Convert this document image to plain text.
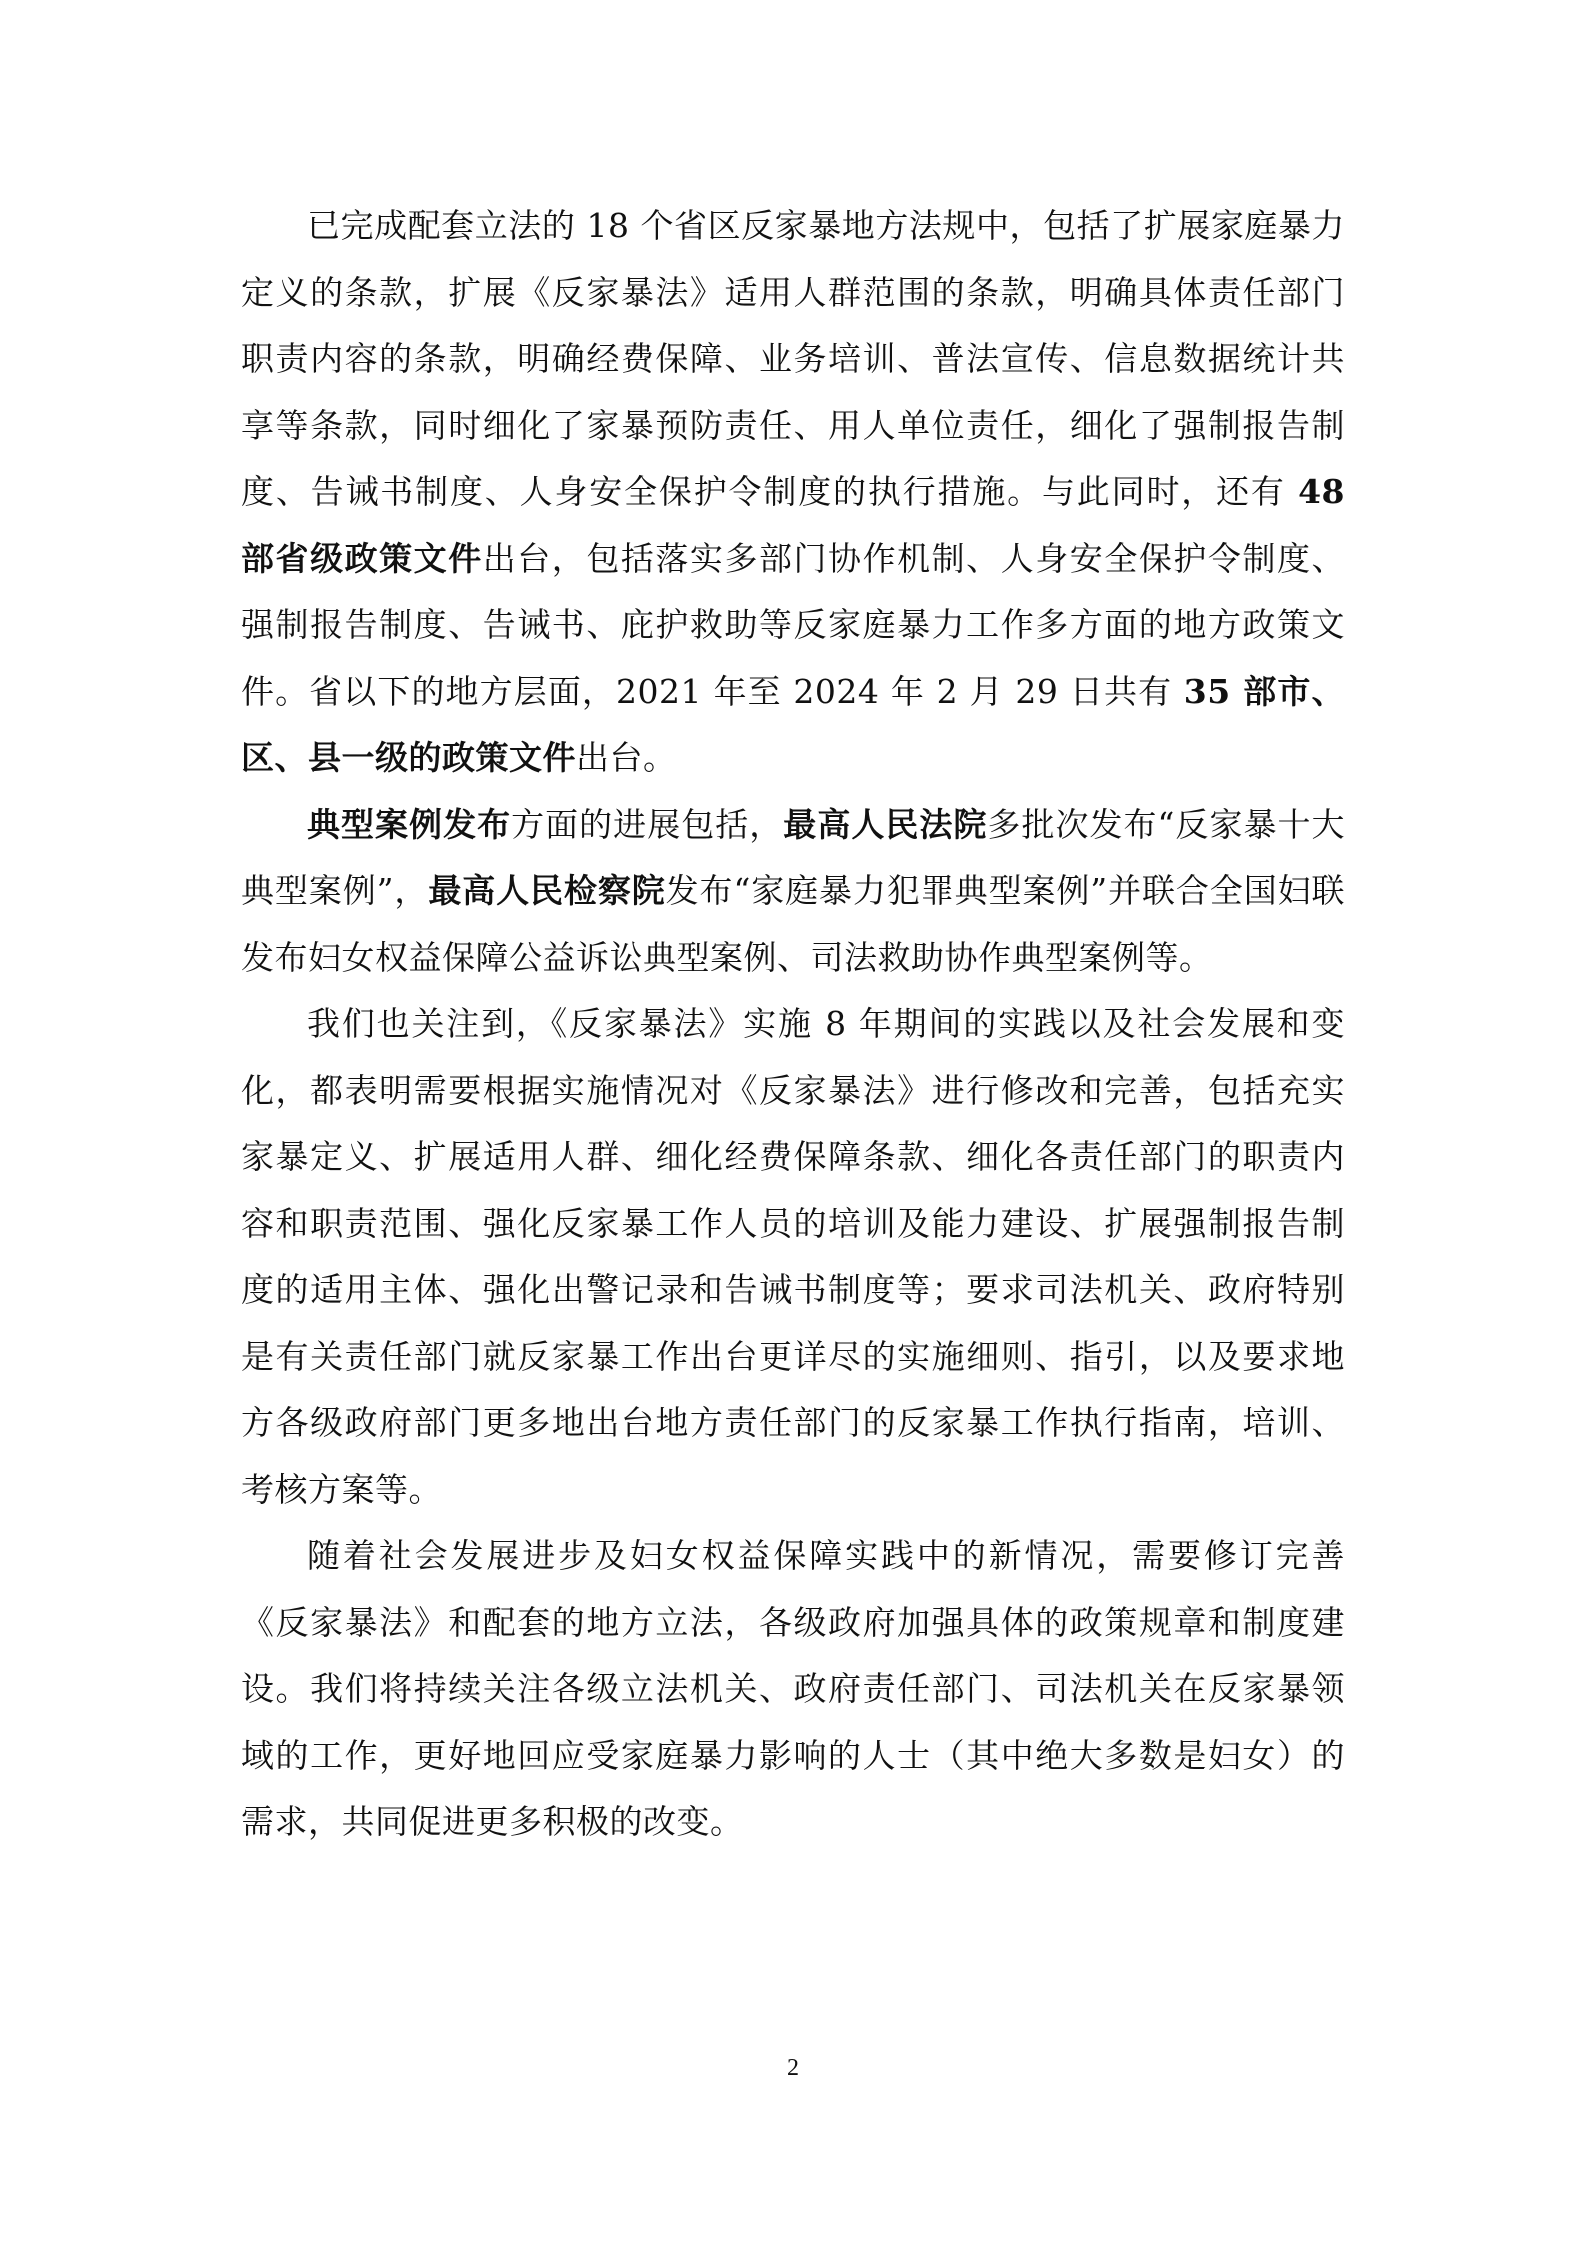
已完成配套立法的 18 个省区反家暴地方法规中，包括了扩展家庭暴力定义的条款，扩展《反家暴法》适用人群范围的条款，明确具体责任部门职责内容的条款，明确经费保障、业务培训、普法宣传、信息数据统计共享等条款，同时细化了家暴预防责任、用人单位责任，细化了强制报告制度、告诫书制度、人身安全保护令制度的执行措施。与此同时，还有 48 部省级政策文件出台，包括落实多部门协作机制、人身安全保护令制度、强制报告制度、告诫书、庇护救助等反家庭暴力工作多方面的地方政策文件。省以下的地方层面，2021 年至 2024 年 2 月 29 日共有 35 部市、区、县一级的政策文件出台。

典型案例发布方面的进展包括，最高人民法院多批次发布“反家暴十大典型案例”，最高人民检察院发布“家庭暴力犯罪典型案例”并联合全国妇联发布妇女权益保障公益诉讼典型案例、司法救助协作典型案例等。

我们也关注到，《反家暴法》实施 8 年期间的实践以及社会发展和变化，都表明需要根据实施情况对《反家暴法》进行修改和完善，包括充实家暴定义、扩展适用人群、细化经费保障条款、细化各责任部门的职责内容和职责范围、强化反家暴工作人员的培训及能力建设、扩展强制报告制度的适用主体、强化出警记录和告诫书制度等；要求司法机关、政府特别是有关责任部门就反家暴工作出台更详尽的实施细则、指引，以及要求地方各级政府部门更多地出台地方责任部门的反家暴工作执行指南，培训、考核方案等。

随着社会发展进步及妇女权益保障实践中的新情况，需要修订完善《反家暴法》和配套的地方立法，各级政府加强具体的政策规章和制度建设。我们将持续关注各级立法机关、政府责任部门、司法机关在反家暴领域的工作，更好地回应受家庭暴力影响的人士（其中绝大多数是妇女）的需求，共同促进更多积极的改变。

2
